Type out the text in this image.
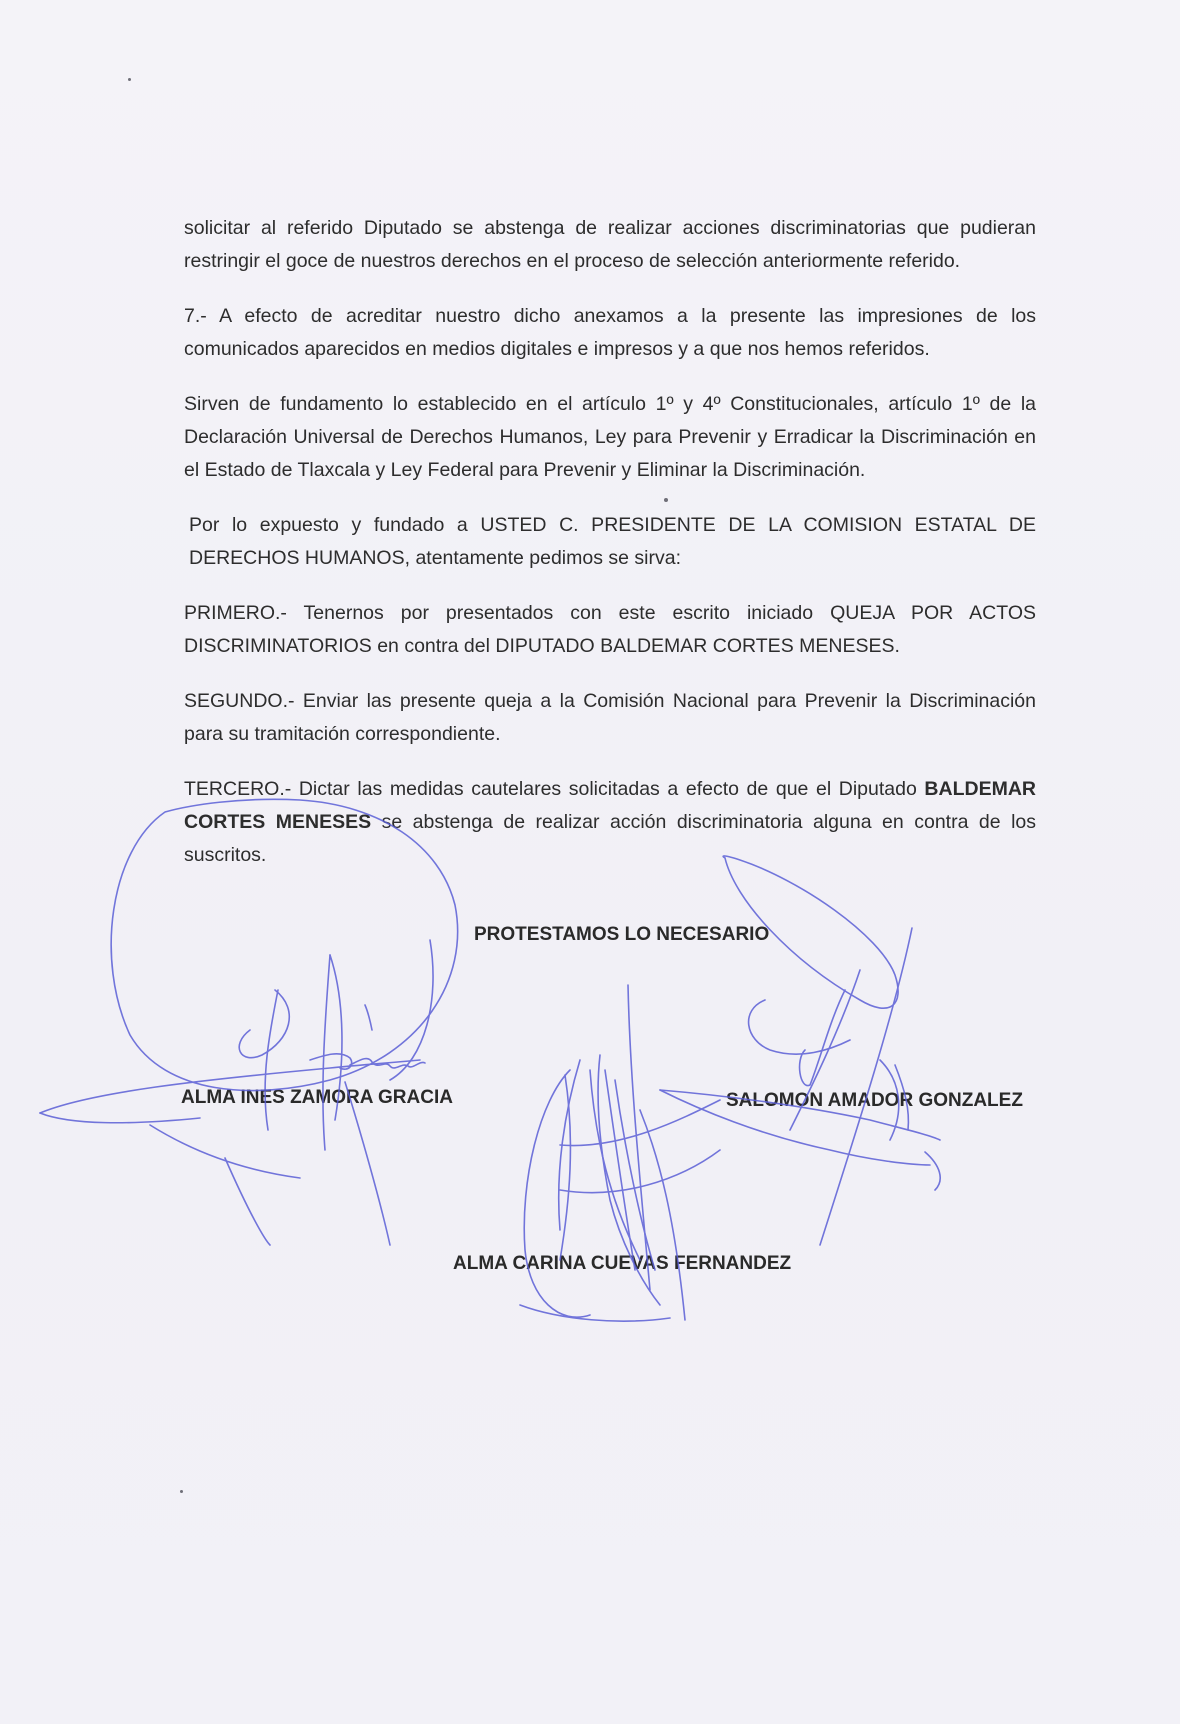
solicitar al referido Diputado se abstenga de realizar acciones discriminatorias que pudieran restringir el goce de nuestros derechos en el proceso de selección anteriormente referido.

7.- A efecto de acreditar nuestro dicho anexamos a la presente las impresiones de los comunicados aparecidos en medios digitales e impresos y a que nos hemos referidos.

Sirven de fundamento lo establecido en el artículo 1º y 4º Constitucionales, artículo 1º de la Declaración Universal de Derechos Humanos, Ley para Prevenir y Erradicar la Discriminación en el Estado de Tlaxcala y Ley Federal para Prevenir y Eliminar la Discriminación.

Por lo expuesto y fundado a USTED C. PRESIDENTE DE LA COMISION ESTATAL DE DERECHOS HUMANOS, atentamente pedimos se sirva:

PRIMERO.- Tenernos por presentados con este escrito iniciado QUEJA POR ACTOS DISCRIMINATORIOS en contra del DIPUTADO BALDEMAR CORTES MENESES.

SEGUNDO.- Enviar las presente queja a la Comisión Nacional para Prevenir la Discriminación para su tramitación correspondiente.

TERCERO.- Dictar las medidas cautelares solicitadas a efecto de que el Diputado BALDEMAR CORTES MENESES se abstenga de realizar acción discriminatoria alguna en contra de los suscritos.

PROTESTAMOS LO NECESARIO
ALMA INES ZAMORA GRACIA	SALOMON AMADOR GONZALEZ
ALMA CARINA CUEVAS FERNANDEZ
